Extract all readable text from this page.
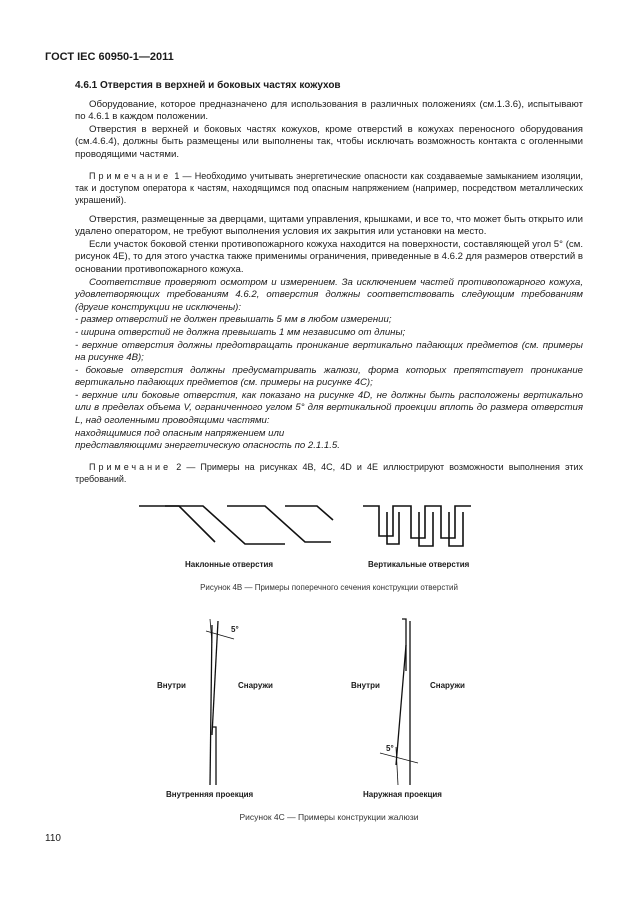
ГОСТ IEC 60950-1—2011
4.6.1 Отверстия в верхней и боковых частях кожухов

Оборудование, которое предназначено для использования в различных положениях (см.1.3.6), испытывают по 4.6.1 в каждом положении.

Отверстия в верхней и боковых частях кожухов, кроме отверстий в кожухах переносного оборудования (см.4.6.4), должны быть размещены или выполнены так, чтобы исключать возможность контакта с оголенными проводящими частями.

Примечание 1 — Необходимо учитывать энергетические опасности как создаваемые замыканием изоляции, так и доступом оператора к частям, находящимся под опасным напряжением (например, посредством металлических украшений).

Отверстия, размещенные за дверцами, щитами управления, крышками, и все то, что может быть открыто или удалено оператором, не требуют выполнения условия их закрытия или установки на место.

Если участок боковой стенки противопожарного кожуха находится на поверхности, составляющей угол 5° (см. рисунок 4E), то для этого участка также применимы ограничения, приведенные в 4.6.2 для размеров отверстий в основании противопожарного кожуха.

Соответствие проверяют осмотром и измерением. За исключением частей противопожарного кожуха, удовлетворяющих требованиям 4.6.2, отверстия должны соответствовать следующим требованиям (другие конструкции не исключены):

- размер отверстий не должен превышать 5 мм в любом измерении;

- ширина отверстий не должна превышать 1 мм независимо от длины;

- верхние отверстия должны предотвращать проникание вертикально падающих предметов (см. примеры на рисунке 4B);

- боковые отверстия должны предусматривать жалюзи, форма которых препятствует проникание вертикально падающих предметов (см. примеры на рисунке 4C);

- верхние или боковые отверстия, как показано на рисунке 4D, не должны быть расположены вертикально или в пределах объема V, ограниченного углом 5° для вертикальной проекции вплоть до размера отверстия L, над оголенными проводящими частями:

находящимися под опасным напряжением или

представляющими энергетическую опасность по 2.1.1.5.

Примечание 2 — Примеры на рисунках 4B, 4C, 4D и 4E иллюстрируют возможности выполнения этих требований.

Наклонные отверстия	Вертикальные отверстия
Рисунок 4В — Примеры поперечного сечения конструкции отверстий
5°
5°
Внутри	Снаружи	Внутри	Снаружи
Внутренняя проекция	Наружная проекция
Рисунок 4С — Примеры конструкции жалюзи
110
